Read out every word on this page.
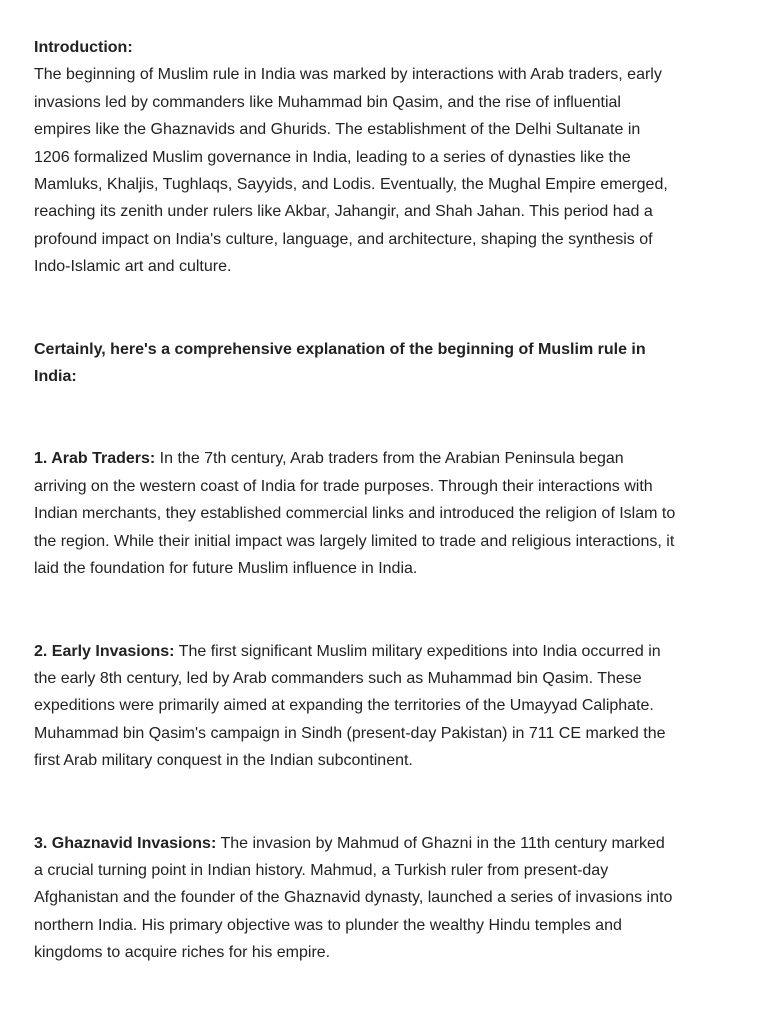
Introduction:

The beginning of Muslim rule in India was marked by interactions with Arab traders, early invasions led by commanders like Muhammad bin Qasim, and the rise of influential empires like the Ghaznavids and Ghurids. The establishment of the Delhi Sultanate in 1206 formalized Muslim governance in India, leading to a series of dynasties like the Mamluks, Khaljis, Tughlaqs, Sayyids, and Lodis. Eventually, the Mughal Empire emerged, reaching its zenith under rulers like Akbar, Jahangir, and Shah Jahan. This period had a profound impact on India's culture, language, and architecture, shaping the synthesis of Indo-Islamic art and culture.

Certainly, here's a comprehensive explanation of the beginning of Muslim rule in India:

1. Arab Traders: In the 7th century, Arab traders from the Arabian Peninsula began arriving on the western coast of India for trade purposes. Through their interactions with Indian merchants, they established commercial links and introduced the religion of Islam to the region. While their initial impact was largely limited to trade and religious interactions, it laid the foundation for future Muslim influence in India.

2. Early Invasions: The first significant Muslim military expeditions into India occurred in the early 8th century, led by Arab commanders such as Muhammad bin Qasim. These expeditions were primarily aimed at expanding the territories of the Umayyad Caliphate. Muhammad bin Qasim's campaign in Sindh (present-day Pakistan) in 711 CE marked the first Arab military conquest in the Indian subcontinent.

3. Ghaznavid Invasions: The invasion by Mahmud of Ghazni in the 11th century marked a crucial turning point in Indian history. Mahmud, a Turkish ruler from present-day Afghanistan and the founder of the Ghaznavid dynasty, launched a series of invasions into northern India. His primary objective was to plunder the wealthy Hindu temples and kingdoms to acquire riches for his empire.
